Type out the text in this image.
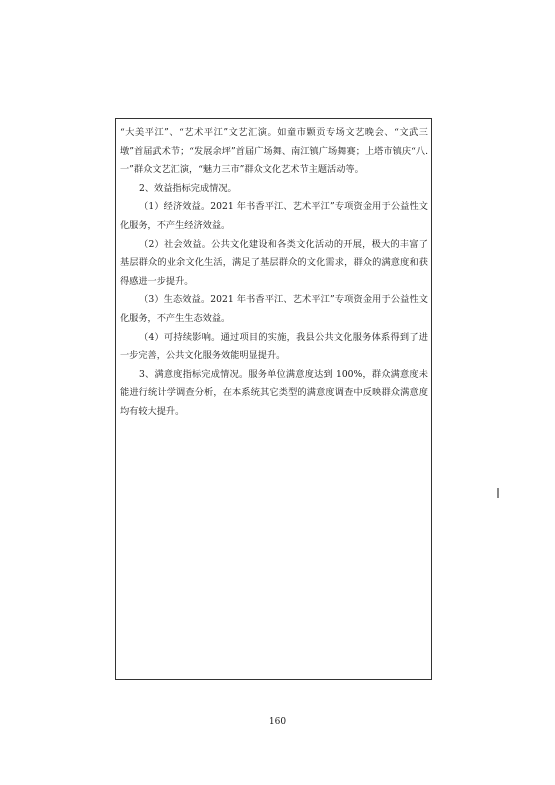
“大美平江”、“艺术平江”文艺汇演。如童市颗贡专场文艺晚会、“文武三墩”首届武术节；“发展余坪”首届广场舞、南江镇广场舞赛；上塔市镇庆“八.一”群众文艺汇演，“魅力三市”群众文化艺术节主题活动等。

2、效益指标完成情况。

（1）经济效益。2021 年书香平江、艺术平江”专项资金用于公益性文化服务，不产生经济效益。

（2）社会效益。公共文化建设和各类文化活动的开展，极大的丰富了基层群众的业余文化生活，满足了基层群众的文化需求，群众的满意度和获得感进一步提升。

（3）生态效益。2021 年书香平江、艺术平江”专项资金用于公益性文化服务，不产生生态效益。

（4）可持续影响。通过项目的实施，我县公共文化服务体系得到了进一步完善，公共文化服务效能明显提升。

3、满意度指标完成情况。服务单位满意度达到 100%，群众满意度未能进行统计学调查分析，在本系统其它类型的满意度调查中反映群众满意度均有较大提升。

160
